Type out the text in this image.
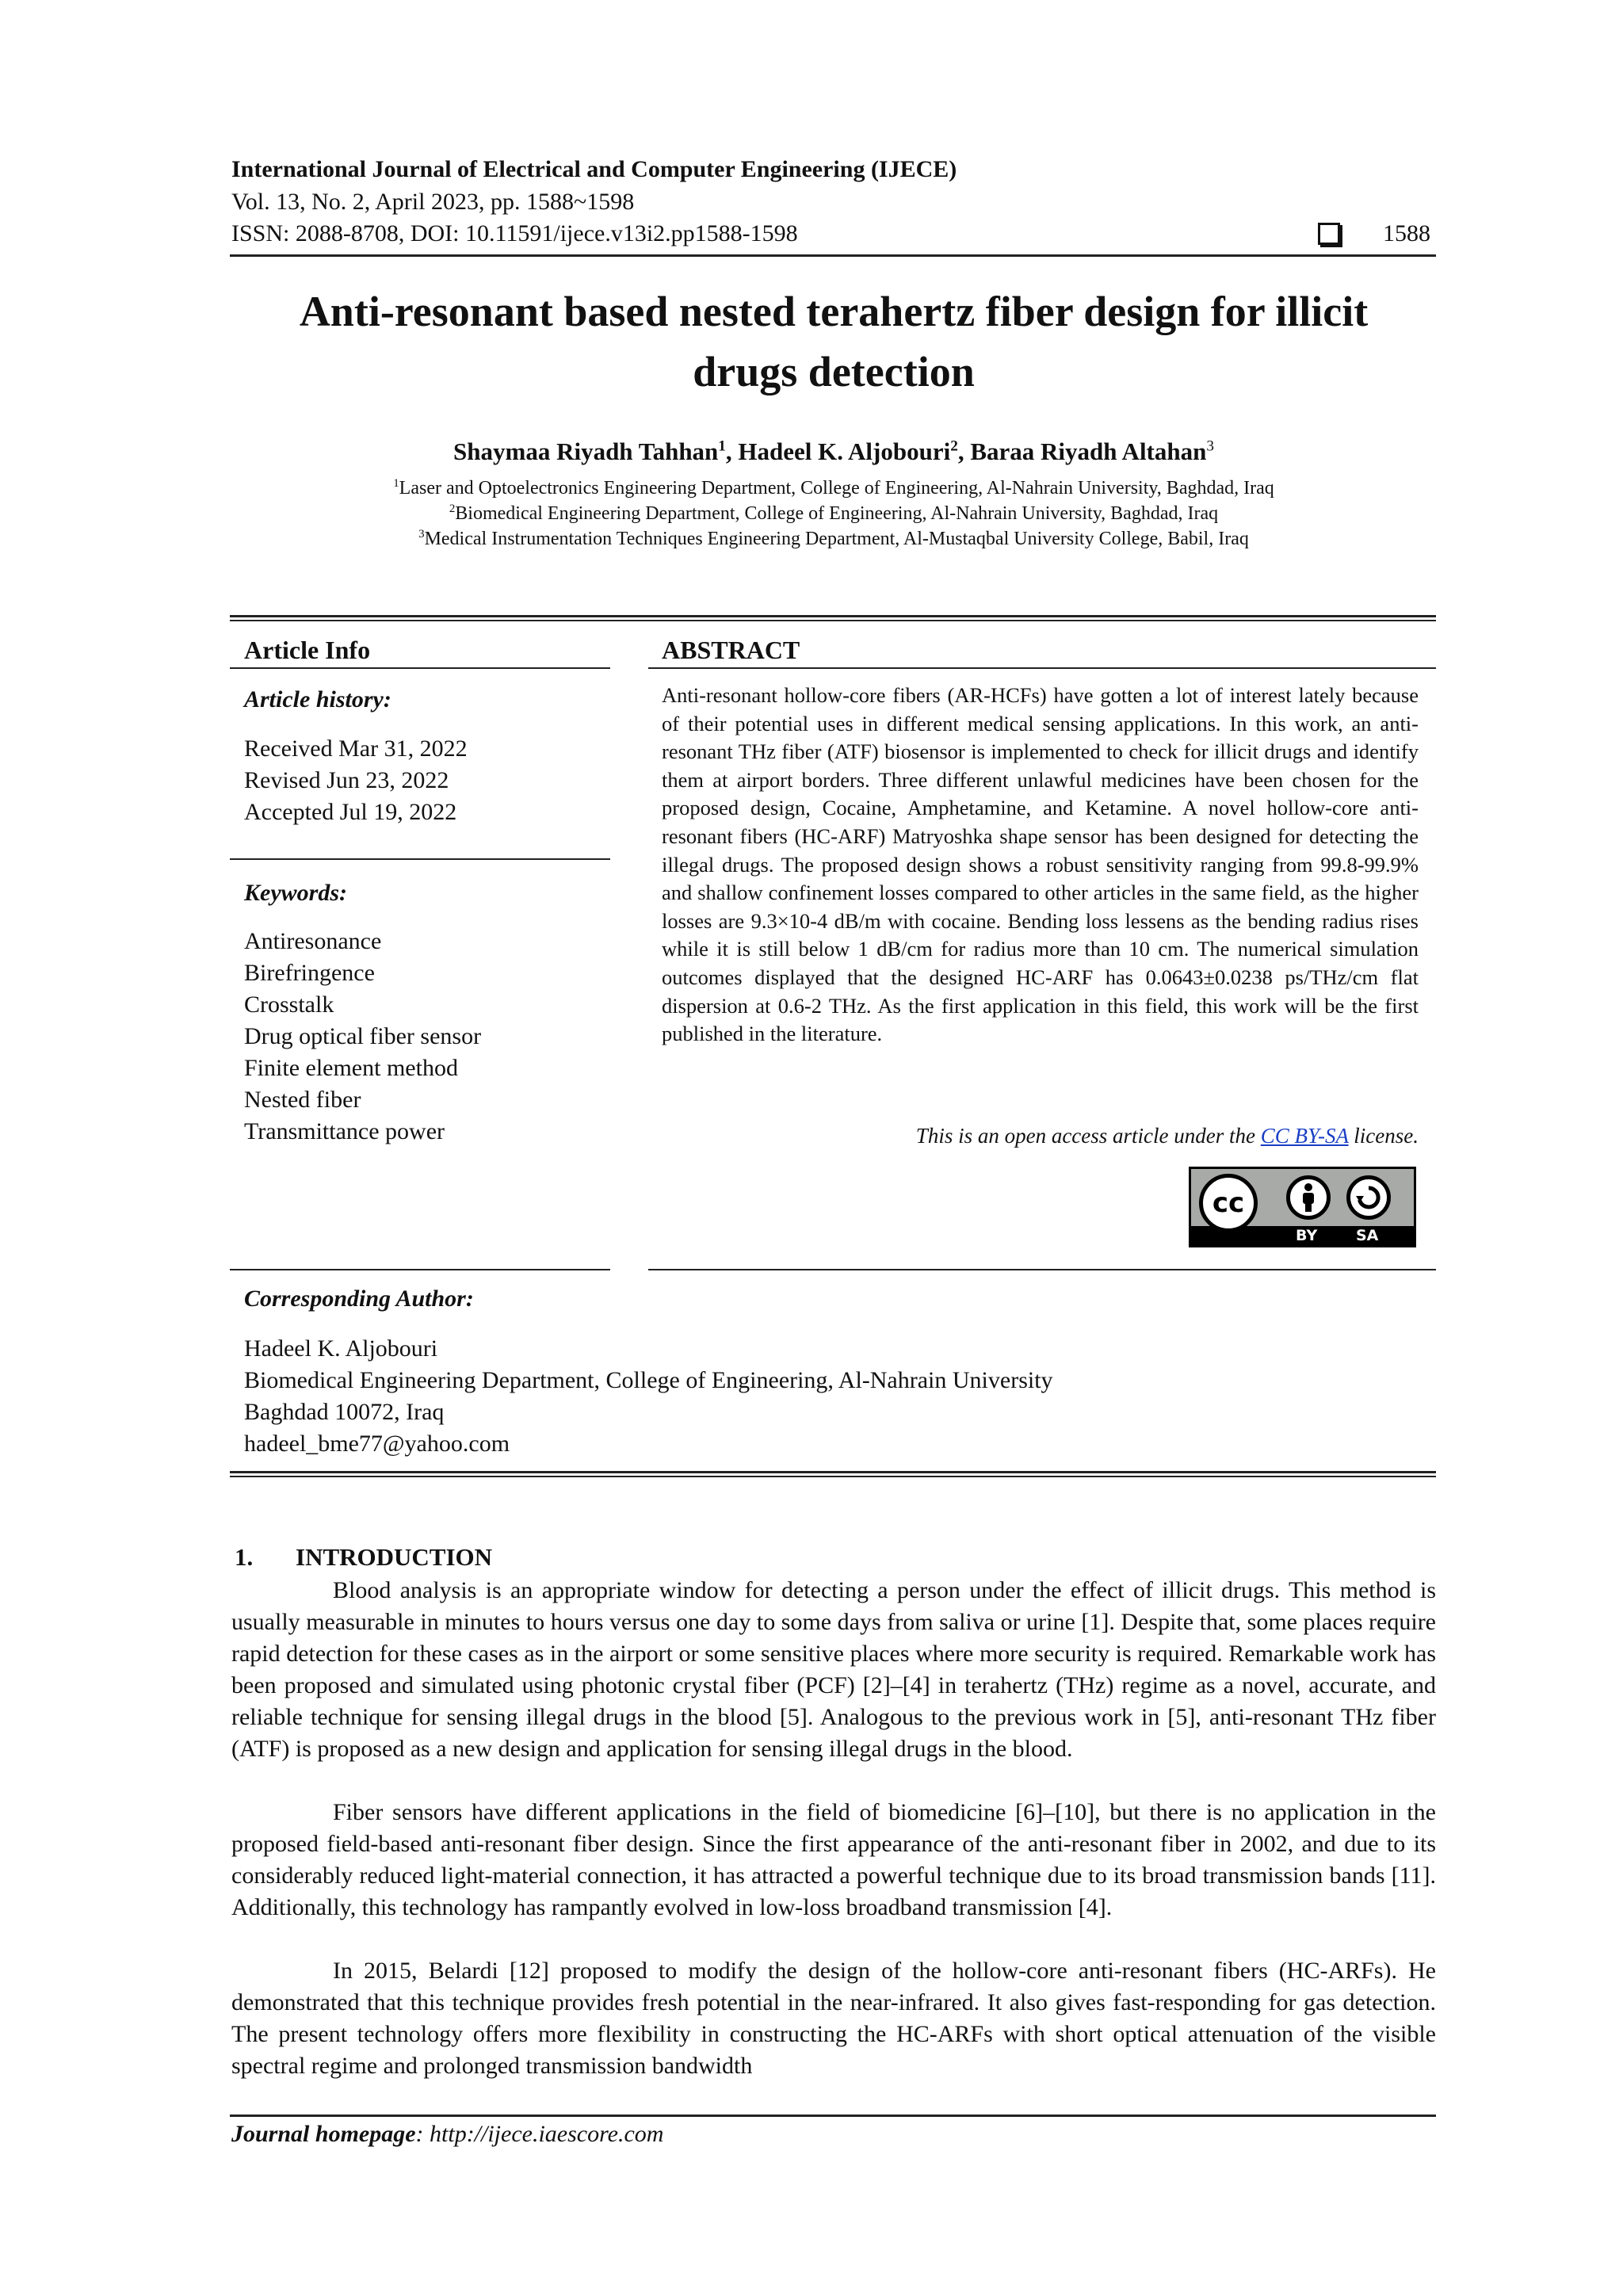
International Journal of Electrical and Computer Engineering (IJECE)
Vol. 13, No. 2, April 2023, pp. 1588~1598
ISSN: 2088-8708, DOI: 10.11591/ijece.v13i2.pp1588-1598	1588
Anti-resonant based nested terahertz fiber design for illicit
drugs detection
Shaymaa Riyadh Tahhan$^1$, Hadeel K. Aljobouri$^2$, Baraa Riyadh Altahan$^3$
$^1$Laser and Optoelectronics Engineering Department, College of Engineering, Al-Nahrain University, Baghdad, Iraq
$^2$Biomedical Engineering Department, College of Engineering, Al-Nahrain University, Baghdad, Iraq
$^3$Medical Instrumentation Techniques Engineering Department, Al-Mustaqbal University College, Babil, Iraq
Article Info
Article history:
Received Mar 31, 2022
Revised Jun 23, 2022
Accepted Jul 19, 2022
Keywords:
Antiresonance
Birefringence
Crosstalk
Drug optical fiber sensor
Finite element method
Nested fiber
Transmittance power
ABSTRACT
Anti-resonant hollow-core fibers (AR-HCFs) have gotten a lot of interest lately because of their potential uses in different medical sensing applications. In this work, an anti-resonant THz fiber (ATF) biosensor is implemented to check for illicit drugs and identify them at airport borders. Three different unlawful medicines have been chosen for the proposed design, Cocaine, Amphetamine, and Ketamine. A novel hollow-core anti-resonant fibers (HC-ARF) Matryoshka shape sensor has been designed for detecting the illegal drugs. The proposed design shows a robust sensitivity ranging from 99.8-99.9% and shallow confinement losses compared to other articles in the same field, as the higher losses are 9.3×10-4 dB/m with cocaine. Bending loss lessens as the bending radius rises while it is still below 1 dB/cm for radius more than 10 cm. The numerical simulation outcomes displayed that the designed HC-ARF has 0.0643±0.0238 ps/THz/cm flat dispersion at 0.6-2 THz. As the first application in this field, this work will be the first published in the literature.
This is an open access article under the CC BY-SA license.
cc
BY	SA
Corresponding Author:
Hadeel K. Aljobouri
Biomedical Engineering Department, College of Engineering, Al-Nahrain University
Baghdad 10072, Iraq
hadeel_bme77@yahoo.com
1. INTRODUCTION
Blood analysis is an appropriate window for detecting a person under the effect of illicit drugs. This method is usually measurable in minutes to hours versus one day to some days from saliva or urine [1]. Despite that, some places require rapid detection for these cases as in the airport or some sensitive places where more security is required. Remarkable work has been proposed and simulated using photonic crystal fiber (PCF) [2]–[4] in terahertz (THz) regime as a novel, accurate, and reliable technique for sensing illegal drugs in the blood [5]. Analogous to the previous work in [5], anti-resonant THz fiber (ATF) is proposed as a new design and application for sensing illegal drugs in the blood.
Fiber sensors have different applications in the field of biomedicine [6]–[10], but there is no application in the proposed field-based anti-resonant fiber design. Since the first appearance of the anti-resonant fiber in 2002, and due to its considerably reduced light-material connection, it has attracted a powerful technique due to its broad transmission bands [11]. Additionally, this technology has rampantly evolved in low-loss broadband transmission [4].
In 2015, Belardi [12] proposed to modify the design of the hollow-core anti-resonant fibers (HC-ARFs). He demonstrated that this technique provides fresh potential in the near-infrared. It also gives fast-responding for gas detection. The present technology offers more flexibility in constructing the HC-ARFs with short optical attenuation of the visible spectral regime and prolonged transmission bandwidth
Journal homepage: http://ijece.iaescore.com
